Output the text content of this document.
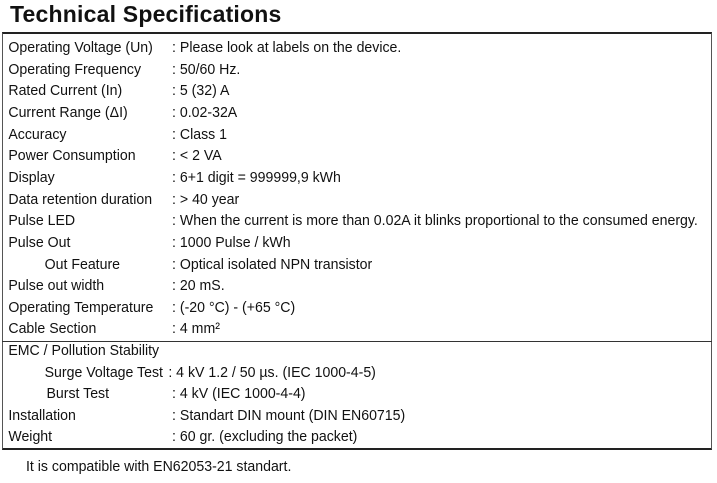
Technical Specifications
Operating Voltage (Un) : Please look at labels on the device.
Operating Frequency : 50/60 Hz.
Rated Current (In)	: 5 (32) A
Current Range (ΔI)	: 0.02-32A
Accuracy	: Class 1
Power Consumption : < 2 VA
Display	: 6+1 digit = 999999,9 kWh
Data retention duration : > 40 year
Pulse LED	: When the current is more than 0.02A it blinks proportional to the consumed energy.
Pulse Out	: 1000 Pulse / kWh
Out Feature	: Optical isolated NPN transistor
Pulse out width	: 20 mS.
Operating Temperature : (-20 °C) - (+65 °C)
Cable Section	: 4 mm²
EMC / Pollution Stability
Surge Voltage Test : 4 kV 1.2 / 50 µs. (IEC 1000-4-5)
Burst Test	: 4 kV (IEC 1000-4-4)
Installation	: Standart DIN mount (DIN EN60715)
Weight	: 60 gr. (excluding the packet)
It is compatible with EN62053-21 standart.
